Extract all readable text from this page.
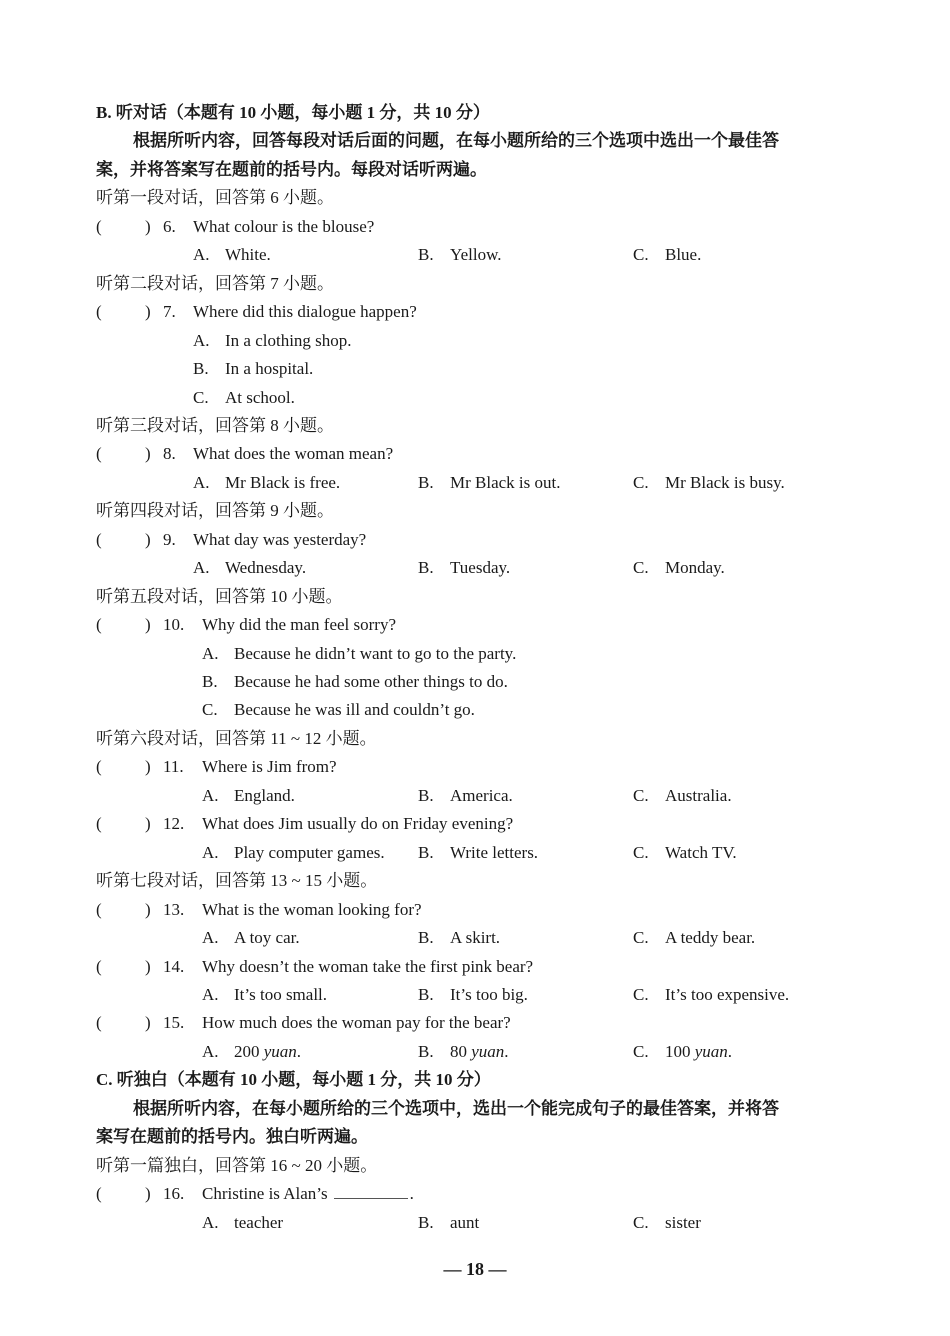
B. 听对话（本题有 10 小题，每小题 1 分，共 10 分）
根据所听内容，回答每段对话后面的问题，在每小题所给的三个选项中选出一个最佳答
案，并将答案写在题前的括号内。每段对话听两遍。
听第一段对话，回答第 6 小题。
(	) 6. What colour is the blouse?
A. White.	B. Yellow.	C. Blue.
听第二段对话，回答第 7 小题。
(	) 7. Where did this dialogue happen?
A. In a clothing shop.
B. In a hospital.
C. At school.
听第三段对话，回答第 8 小题。
(	) 8. What does the woman mean?
A. Mr Black is free.	B. Mr Black is out.	C. Mr Black is busy.
听第四段对话，回答第 9 小题。
(	) 9. What day was yesterday?
A. Wednesday.	B. Tuesday.	C. Monday.
听第五段对话，回答第 10 小题。
(	) 10. Why did the man feel sorry?
A. Because he didn’t want to go to the party.
B. Because he had some other things to do.
C. Because he was ill and couldn’t go.
听第六段对话，回答第 11 ~ 12 小题。
(	) 11. Where is Jim from?
A. England.	B. America.	C. Australia.
(	) 12. What does Jim usually do on Friday evening?
A. Play computer games. B. Write letters.	C. Watch TV.
听第七段对话，回答第 13 ~ 15 小题。
(	) 13. What is the woman looking for?
A. A toy car.	B. A skirt.	C. A teddy bear.
(	) 14. Why doesn’t the woman take the first pink bear?
A. It’s too small.	B. It’s too big.	C. It’s too expensive.
(	) 15. How much does the woman pay for the bear?
A. 200 yuan.	B. 80 yuan.	C. 100 yuan.
C. 听独白（本题有 10 小题，每小题 1 分，共 10 分）
根据所听内容，在每小题所给的三个选项中，选出一个能完成句子的最佳答案，并将答
案写在题前的括号内。独白听两遍。
听第一篇独白，回答第 16 ~ 20 小题。
(	) 16. Christine is Alan’s	.
A. teacher	B. aunt	C. sister
— 18 —
